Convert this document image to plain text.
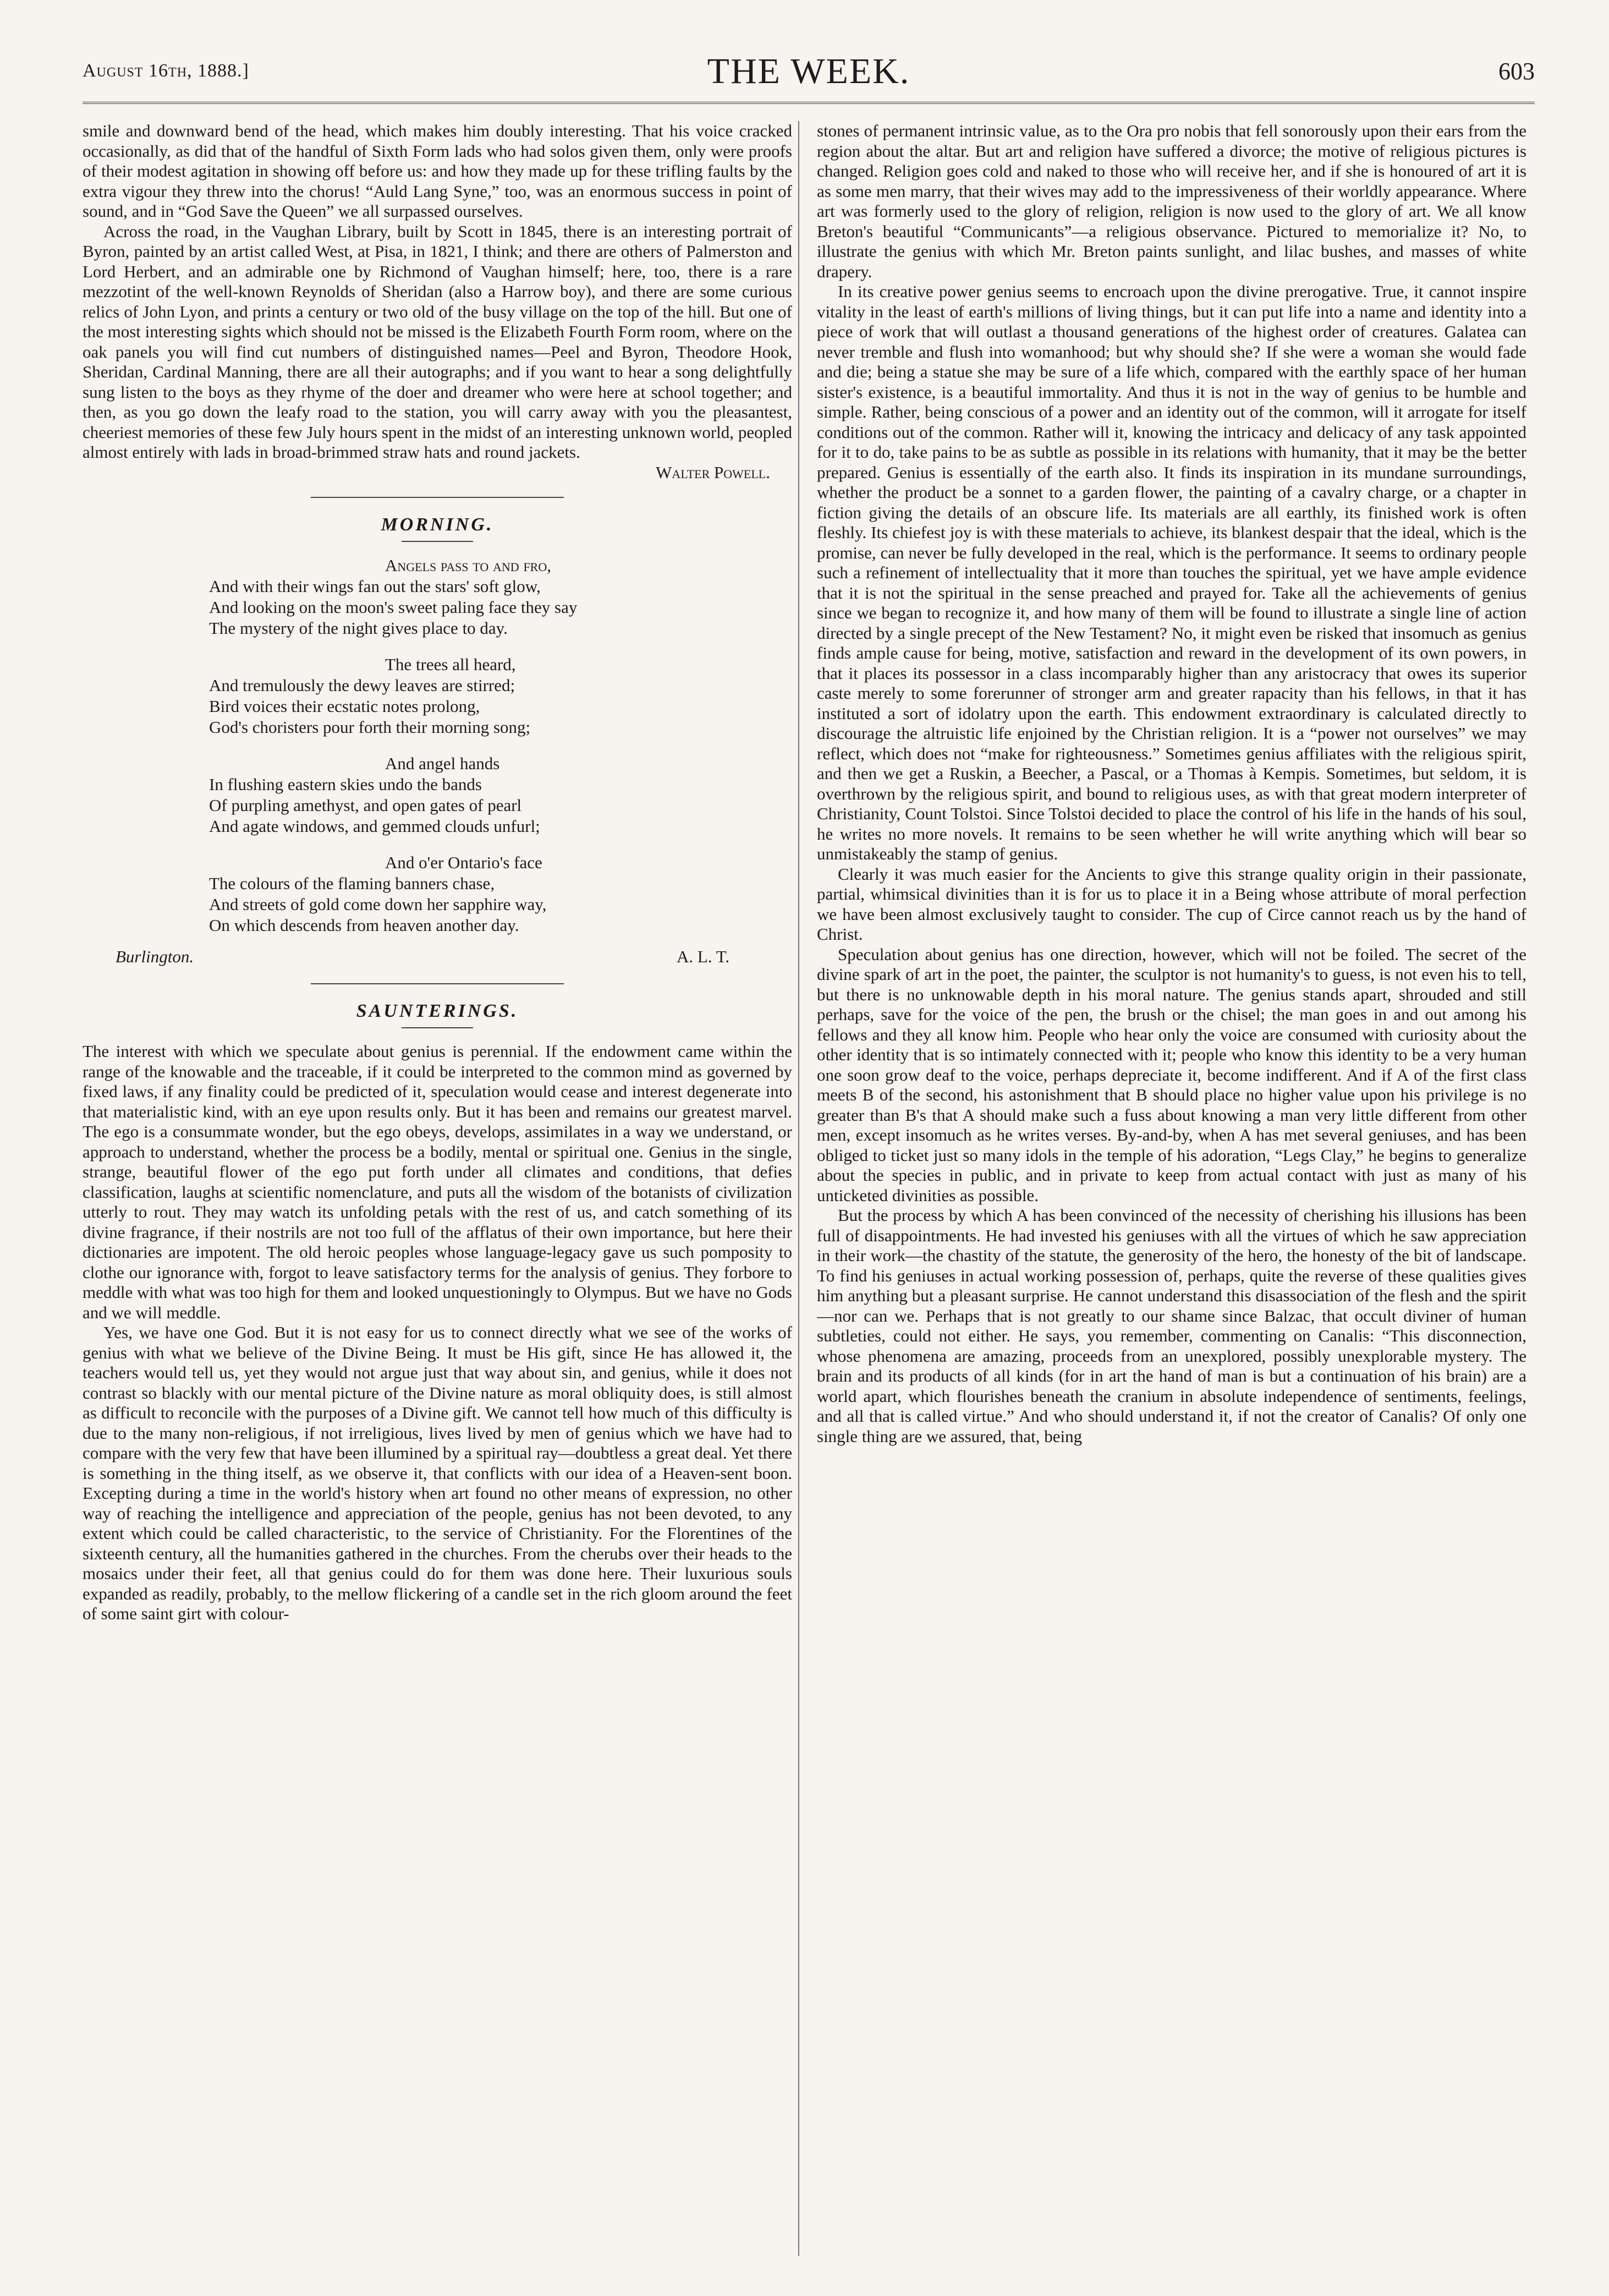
August 16th, 1888.]	THE WEEK.	603

smile and downward bend of the head, which makes him doubly interesting. That his voice cracked occasionally, as did that of the handful of Sixth Form lads who had solos given them, only were proofs of their modest agitation in showing off before us: and how they made up for these trifling faults by the extra vigour they threw into the chorus! “Auld Lang Syne,” too, was an enormous success in point of sound, and in “God Save the Queen” we all surpassed ourselves.

Across the road, in the Vaughan Library, built by Scott in 1845, there is an interesting portrait of Byron, painted by an artist called West, at Pisa, in 1821, I think; and there are others of Palmerston and Lord Herbert, and an admirable one by Richmond of Vaughan himself; here, too, there is a rare mezzotint of the well-known Reynolds of Sheridan (also a Harrow boy), and there are some curious relics of John Lyon, and prints a century or two old of the busy village on the top of the hill. But one of the most interesting sights which should not be missed is the Elizabeth Fourth Form room, where on the oak panels you will find cut numbers of distinguished names—Peel and Byron, Theodore Hook, Sheridan, Cardinal Manning, there are all their autographs; and if you want to hear a song delightfully sung listen to the boys as they rhyme of the doer and dreamer who were here at school together; and then, as you go down the leafy road to the station, you will carry away with you the pleasantest, cheeriest memories of these few July hours spent in the midst of an interesting unknown world, peopled almost entirely with lads in broad-brimmed straw hats and round jackets.

Walter Powell.
MORNING.
Angels pass to and fro,
And with their wings fan out the stars' soft glow,
And looking on the moon's sweet paling face they say
The mystery of the night gives place to day.
The trees all heard,
And tremulously the dewy leaves are stirred;
Bird voices their ecstatic notes prolong,
God's choristers pour forth their morning song;
And angel hands
In flushing eastern skies undo the bands
Of purpling amethyst, and open gates of pearl
And agate windows, and gemmed clouds unfurl;
And o'er Ontario's face
The colours of the flaming banners chase,
And streets of gold come down her sapphire way,
On which descends from heaven another day.
Burlington.	A. L. T.
SAUNTERINGS.

The interest with which we speculate about genius is perennial. If the endowment came within the range of the knowable and the traceable, if it could be interpreted to the common mind as governed by fixed laws, if any finality could be predicted of it, speculation would cease and interest degenerate into that materialistic kind, with an eye upon results only. But it has been and remains our greatest marvel. The ego is a consummate wonder, but the ego obeys, develops, assimilates in a way we understand, or approach to understand, whether the process be a bodily, mental or spiritual one. Genius in the single, strange, beautiful flower of the ego put forth under all climates and conditions, that defies classification, laughs at scientific nomenclature, and puts all the wisdom of the botanists of civilization utterly to rout. They may watch its unfolding petals with the rest of us, and catch something of its divine fragrance, if their nostrils are not too full of the afflatus of their own importance, but here their dictionaries are impotent. The old heroic peoples whose language-legacy gave us such pomposity to clothe our ignorance with, forgot to leave satisfactory terms for the analysis of genius. They forbore to meddle with what was too high for them and looked unquestioningly to Olympus. But we have no Gods and we will meddle.

Yes, we have one God. But it is not easy for us to connect directly what we see of the works of genius with what we believe of the Divine Being. It must be His gift, since He has allowed it, the teachers would tell us, yet they would not argue just that way about sin, and genius, while it does not contrast so blackly with our mental picture of the Divine nature as moral obliquity does, is still almost as difficult to reconcile with the purposes of a Divine gift. We cannot tell how much of this difficulty is due to the many non-religious, if not irreligious, lives lived by men of genius which we have had to compare with the very few that have been illumined by a spiritual ray—doubtless a great deal. Yet there is something in the thing itself, as we observe it, that conflicts with our idea of a Heaven-sent boon. Excepting during a time in the world's history when art found no other means of expression, no other way of reaching the intelligence and appreciation of the people, genius has not been devoted, to any extent which could be called characteristic, to the service of Christianity. For the Florentines of the sixteenth century, all the humanities gathered in the churches. From the cherubs over their heads to the mosaics under their feet, all that genius could do for them was done here. Their luxurious souls expanded as readily, probably, to the mellow flickering of a candle set in the rich gloom around the feet of some saint girt with colour-

stones of permanent intrinsic value, as to the Ora pro nobis that fell sonorously upon their ears from the region about the altar. But art and religion have suffered a divorce; the motive of religious pictures is changed. Religion goes cold and naked to those who will receive her, and if she is honoured of art it is as some men marry, that their wives may add to the impressiveness of their worldly appearance. Where art was formerly used to the glory of religion, religion is now used to the glory of art. We all know Breton's beautiful “Communicants”—a religious observance. Pictured to memorialize it? No, to illustrate the genius with which Mr. Breton paints sunlight, and lilac bushes, and masses of white drapery.

In its creative power genius seems to encroach upon the divine prerogative. True, it cannot inspire vitality in the least of earth's millions of living things, but it can put life into a name and identity into a piece of work that will outlast a thousand generations of the highest order of creatures. Galatea can never tremble and flush into womanhood; but why should she? If she were a woman she would fade and die; being a statue she may be sure of a life which, compared with the earthly space of her human sister's existence, is a beautiful immortality. And thus it is not in the way of genius to be humble and simple. Rather, being conscious of a power and an identity out of the common, will it arrogate for itself conditions out of the common. Rather will it, knowing the intricacy and delicacy of any task appointed for it to do, take pains to be as subtle as possible in its relations with humanity, that it may be the better prepared. Genius is essentially of the earth also. It finds its inspiration in its mundane surroundings, whether the product be a sonnet to a garden flower, the painting of a cavalry charge, or a chapter in fiction giving the details of an obscure life. Its materials are all earthly, its finished work is often fleshly. Its chiefest joy is with these materials to achieve, its blankest despair that the ideal, which is the promise, can never be fully developed in the real, which is the performance. It seems to ordinary people such a refinement of intellectuality that it more than touches the spiritual, yet we have ample evidence that it is not the spiritual in the sense preached and prayed for. Take all the achievements of genius since we began to recognize it, and how many of them will be found to illustrate a single line of action directed by a single precept of the New Testament? No, it might even be risked that insomuch as genius finds ample cause for being, motive, satisfaction and reward in the development of its own powers, in that it places its possessor in a class incomparably higher than any aristocracy that owes its superior caste merely to some forerunner of stronger arm and greater rapacity than his fellows, in that it has instituted a sort of idolatry upon the earth. This endowment extraordinary is calculated directly to discourage the altruistic life enjoined by the Christian religion. It is a “power not ourselves” we may reflect, which does not “make for righteousness.” Sometimes genius affiliates with the religious spirit, and then we get a Ruskin, a Beecher, a Pascal, or a Thomas à Kempis. Sometimes, but seldom, it is overthrown by the religious spirit, and bound to religious uses, as with that great modern interpreter of Christianity, Count Tolstoi. Since Tolstoi decided to place the control of his life in the hands of his soul, he writes no more novels. It remains to be seen whether he will write anything which will bear so unmistakeably the stamp of genius.

Clearly it was much easier for the Ancients to give this strange quality origin in their passionate, partial, whimsical divinities than it is for us to place it in a Being whose attribute of moral perfection we have been almost exclusively taught to consider. The cup of Circe cannot reach us by the hand of Christ.

Speculation about genius has one direction, however, which will not be foiled. The secret of the divine spark of art in the poet, the painter, the sculptor is not humanity's to guess, is not even his to tell, but there is no unknowable depth in his moral nature. The genius stands apart, shrouded and still perhaps, save for the voice of the pen, the brush or the chisel; the man goes in and out among his fellows and they all know him. People who hear only the voice are consumed with curiosity about the other identity that is so intimately connected with it; people who know this identity to be a very human one soon grow deaf to the voice, perhaps depreciate it, become indifferent. And if A of the first class meets B of the second, his astonishment that B should place no higher value upon his privilege is no greater than B's that A should make such a fuss about knowing a man very little different from other men, except insomuch as he writes verses. By-and-by, when A has met several geniuses, and has been obliged to ticket just so many idols in the temple of his adoration, “Legs Clay,” he begins to generalize about the species in public, and in private to keep from actual contact with just as many of his unticketed divinities as possible.

But the process by which A has been convinced of the necessity of cherishing his illusions has been full of disappointments. He had invested his geniuses with all the virtues of which he saw appreciation in their work—the chastity of the statute, the generosity of the hero, the honesty of the bit of landscape. To find his geniuses in actual working possession of, perhaps, quite the reverse of these qualities gives him anything but a pleasant surprise. He cannot understand this disassociation of the flesh and the spirit—nor can we. Perhaps that is not greatly to our shame since Balzac, that occult diviner of human subtleties, could not either. He says, you remember, commenting on Canalis: “This disconnection, whose phenomena are amazing, proceeds from an unexplored, possibly unexplorable mystery. The brain and its products of all kinds (for in art the hand of man is but a continuation of his brain) are a world apart, which flourishes beneath the cranium in absolute independence of sentiments, feelings, and all that is called virtue.” And who should understand it, if not the creator of Canalis? Of only one single thing are we assured, that, being
